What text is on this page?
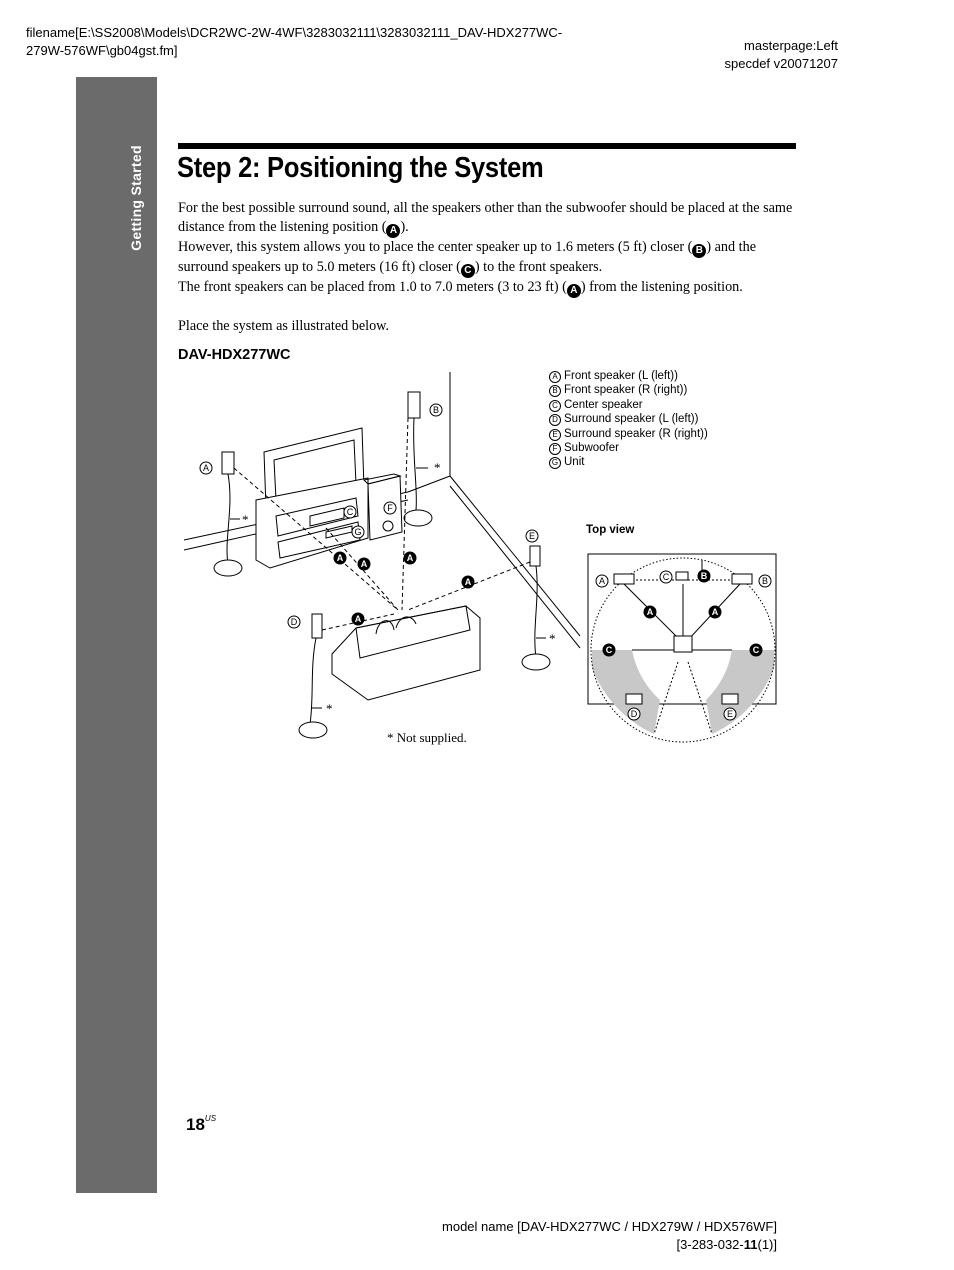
filename[E:\SS2008\Models\DCR2WC-2W-4WF\3283032111\3283032111_DAV-HDX277WC-
279W-576WF\gb04gst.fm]	masterpage:Left
specdef v20071207
Getting Started Step 2: Positioning the System

For the best possible surround sound, all the speakers other than the subwoofer should be placed at the same distance from the listening position ( A ).

However, this system allows you to place the center speaker up to 1.6 meters (5 ft) closer ( B ) and the surround speakers up to 5.0 meters (16 ft) closer ( C ) to the front speakers.

The front speakers can be placed from 1.0 to 7.0 meters (3 to 23 ft) ( A ) from the listening position.

Place the system as illustrated below.

DAV-HDX277WC
A Front speaker (L (left))
B Front speaker (R (right))
C Center speaker
D Surround speaker (L (left))
E Surround speaker (R (right))
F Subwoofer
G Unit
Top view
A
B
C
D
E
F
G
A	B
C
D	E
A
A
A
A
A
A	A
B
C	C
*
*
*
*
* Not supplied.
$18^{US}$
model name [DAV-HDX277WC / HDX279W / HDX576WF]
[3-283-032-11(1)]
